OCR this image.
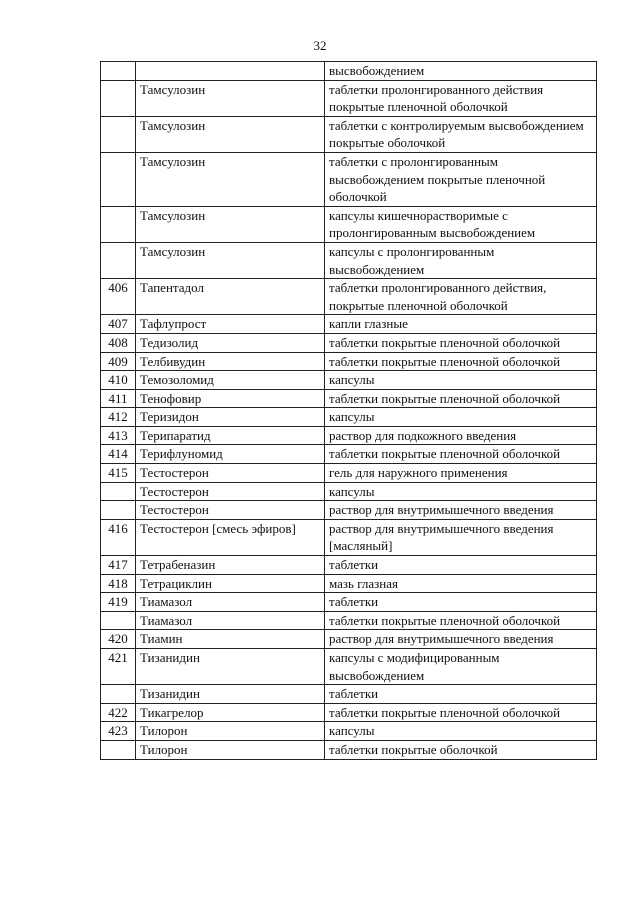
32
		высвобождением
	Тамсулозин	таблетки пролонгированного действия покрытые пленочной оболочкой
	Тамсулозин	таблетки с контролируемым высвобождением покрытые оболочкой
	Тамсулозин	таблетки с пролонгированным высвобождением покрытые пленочной оболочкой
	Тамсулозин	капсулы кишечнорастворимые с пролонгированным высвобождением
	Тамсулозин	капсулы с пролонгированным высвобождением
406	Тапентадол	таблетки пролонгированного действия, покрытые пленочной оболочкой
407	Тафлупрост	капли глазные
408	Тедизолид	таблетки покрытые пленочной оболочкой
409	Телбивудин	таблетки покрытые пленочной оболочкой
410	Темозоломид	капсулы
411	Тенофовир	таблетки покрытые пленочной оболочкой
412	Теризидон	капсулы
413	Терипаратид	раствор для подкожного введения
414	Терифлуномид	таблетки покрытые пленочной оболочкой
415	Тестостерон	гель для наружного применения
	Тестостерон	капсулы
	Тестостерон	раствор для внутримышечного введения
416	Тестостерон [смесь эфиров]	раствор для внутримышечного введения [масляный]
417	Тетрабеназин	таблетки
418	Тетрациклин	мазь глазная
419	Тиамазол	таблетки
	Тиамазол	таблетки покрытые пленочной оболочкой
420	Тиамин	раствор для внутримышечного введения
421	Тизанидин	капсулы с модифицированным высвобождением
	Тизанидин	таблетки
422	Тикагрелор	таблетки покрытые пленочной оболочкой
423	Тилорон	капсулы
	Тилорон	таблетки покрытые оболочкой
